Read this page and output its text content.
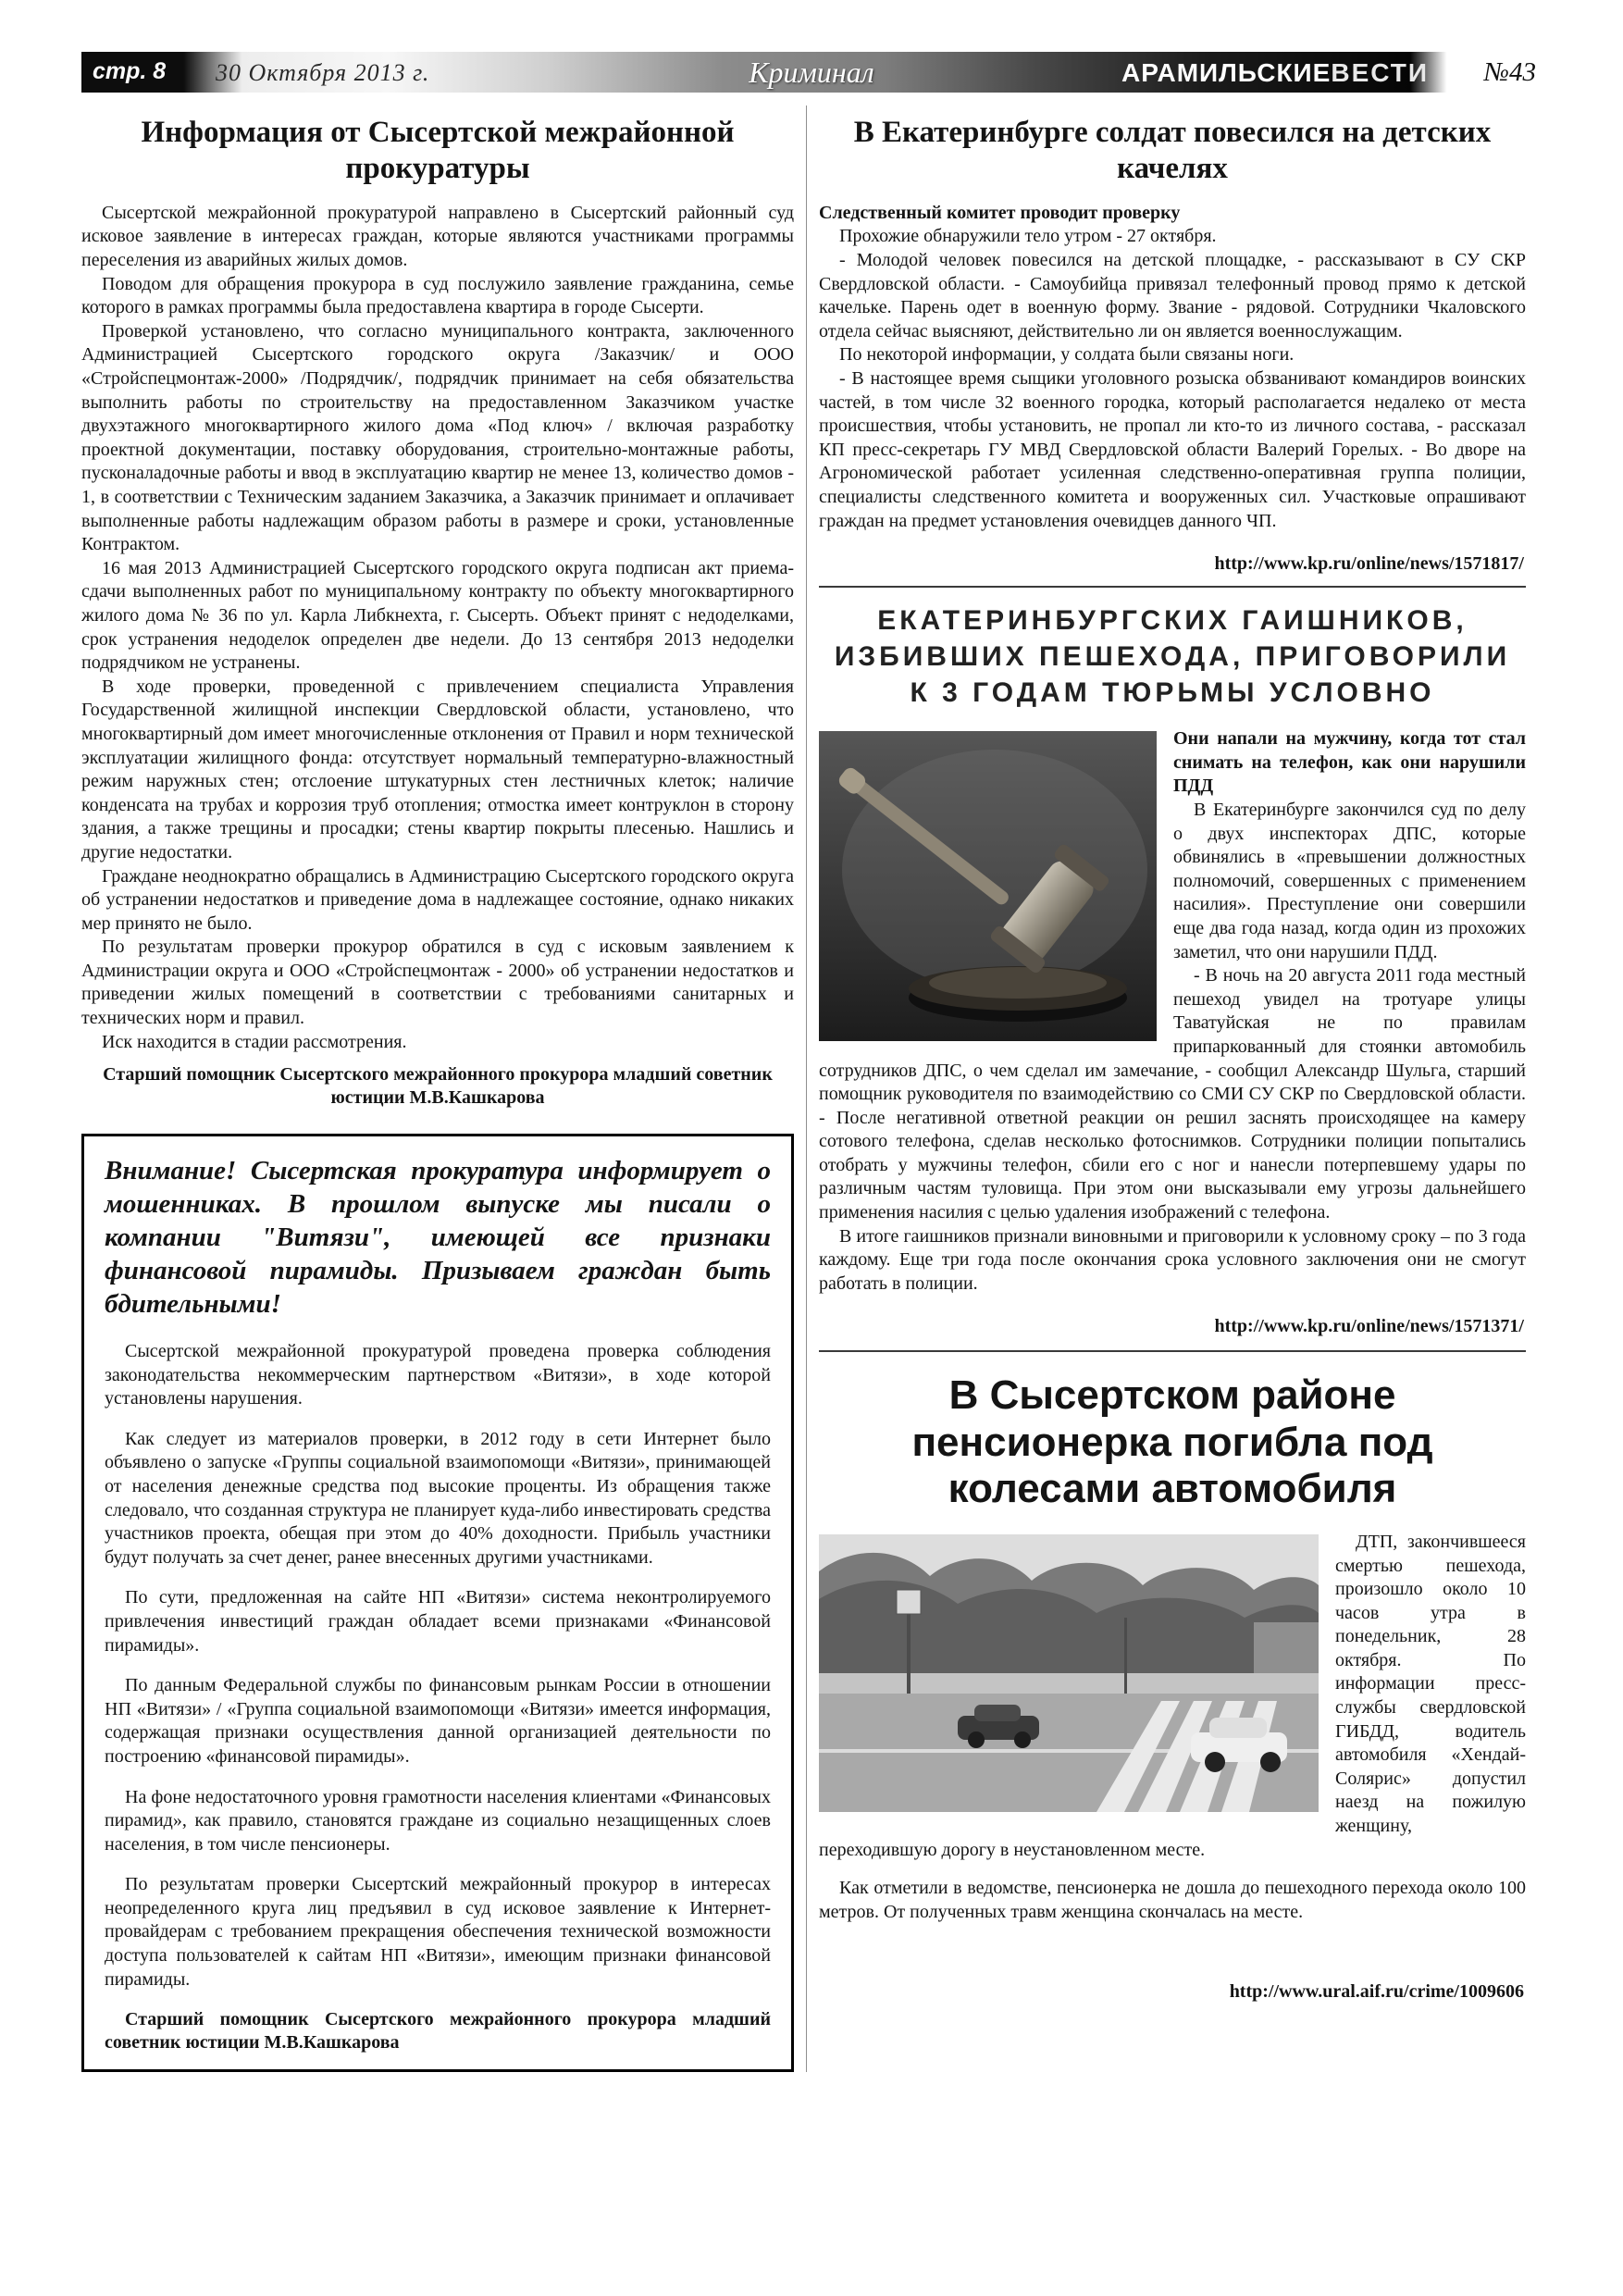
стр. 8 30 Октября 2013 г.	Криминал	АРАМИЛЬСКИЕВЕСТИ №43
Информация от Сысертской межрайонной прокуратуры

Сысертской межрайонной прокуратурой направлено в Сысертский районный суд исковое заявление в интересах граждан, которые являются участниками программы переселения из аварийных жилых домов.

Поводом для обращения прокурора в суд послужило заявление гражданина, семье которого в рамках программы была предоставлена квартира в городе Сысерти.

Проверкой установлено, что согласно муниципального контракта, заключенного Администрацией Сысертского городского округа /Заказчик/ и ООО «Стройспецмонтаж-2000» /Подрядчик/, подрядчик принимает на себя обязательства выполнить работы по строительству на предоставленном Заказчиком участке двухэтажного многоквартирного жилого дома «Под ключ» / включая разработку проектной документации, поставку оборудования, строительно-монтажные работы, пусконаладочные работы и ввод в эксплуатацию квартир не менее 13, количество домов - 1, в соответствии с Техническим заданием Заказчика, а Заказчик принимает и оплачивает выполненные работы надлежащим образом работы в размере и сроки, установленные Контрактом.

16 мая 2013 Администрацией Сысертского городского округа подписан акт приема-сдачи выполненных работ по муниципальному контракту по объекту многоквартирного жилого дома № 36 по ул. Карла Либкнехта, г. Сысерть. Объект принят с недоделками, срок устранения недоделок определен две недели. До 13 сентября 2013 недоделки подрядчиком не устранены.

В ходе проверки, проведенной с привлечением специалиста Управления Государственной жилищной инспекции Свердловской области, установлено, что многоквартирный дом имеет многочисленные отклонения от Правил и норм технической эксплуатации жилищного фонда: отсутствует нормальный температурно-влажностный режим наружных стен; отслоение штукатурных стен лестничных клеток; наличие конденсата на трубах и коррозия труб отопления; отмостка имеет контруклон в сторону здания, а также трещины и просадки; стены квартир покрыты плесенью. Нашлись и другие недостатки.

Граждане неоднократно обращались в Администрацию Сысертского городского округа об устранении недостатков и приведение дома в надлежащее состояние, однако никаких мер принято не было.

По результатам проверки прокурор обратился в суд с исковым заявлением к Администрации округа и ООО «Стройспецмонтаж - 2000» об устранении недостатков и приведении жилых помещений в соответствии с требованиями санитарных и технических норм и правил.

Иск находится в стадии рассмотрения.

Старший помощник Сысертского межрайонного прокурора младший советник юстиции М.В.Кашкарова

Внимание! Сысертская прокуратура информирует о мошенниках. В прошлом выпуске мы писали о компании "Витязи", имеющей все признаки финансовой пирамиды. Призываем граждан быть бдительными!

Сысертской межрайонной прокуратурой проведена проверка соблюдения законодательства некоммерческим партнерством «Витязи», в ходе которой установлены нарушения.

Как следует из материалов проверки, в 2012 году в сети Интернет было объявлено о запуске «Группы социальной взаимопомощи «Витязи», принимающей от населения денежные средства под высокие проценты. Из обращения также следовало, что созданная структура не планирует куда-либо инвестировать средства участников проекта, обещая при этом до 40% доходности. Прибыль участники будут получать за счет денег, ранее внесенных другими участниками.

По сути, предложенная на сайте НП «Витязи» система неконтролируемого привлечения инвестиций граждан обладает всеми признаками «Финансовой пирамиды».

По данным Федеральной службы по финансовым рынкам России в отношении НП «Витязи» / «Группа социальной взаимопомощи «Витязи» имеется информация, содержащая признаки осуществления данной организацией деятельности по построению «финансовой пирамиды».

На фоне недостаточного уровня грамотности населения клиентами «Финансовых пирамид», как правило, становятся граждане из социально незащищенных слоев населения, в том числе пенсионеры.

По результатам проверки Сысертский межрайонный прокурор в интересах неопределенного круга лиц предъявил в суд исковое заявление к Интернет-провайдерам с требованием прекращения обеспечения технической возможности доступа пользователей к сайтам НП «Витязи», имеющим признаки финансовой пирамиды.

Старший помощник Сысертского межрайонного прокурора младший советник юстиции М.В.Кашкарова

В Екатеринбурге солдат повесился на детских качелях

Следственный комитет проводит проверку

Прохожие обнаружили тело утром - 27 октября.

- Молодой человек повесился на детской площадке, - рассказывают в СУ СКР Свердловской области. - Самоубийца привязал телефонный провод прямо к детской качельке. Парень одет в военную форму. Звание - рядовой. Сотрудники Чкаловского отдела сейчас выясняют, действительно ли он является военнослужащим.

По некоторой информации, у солдата были связаны ноги.

- В настоящее время сыщики уголовного розыска обзванивают командиров воинских частей, в том числе 32 военного городка, который располагается недалеко от места происшествия, чтобы установить, не пропал ли кто-то из личного состава, - рассказал КП пресс-секретарь ГУ МВД Свердловской области Валерий Горелых. - Во дворе на Агрономической работает усиленная следственно-оперативная группа полиции, специалисты следственного комитета и вооруженных сил. Участковые опрашивают граждан на предмет установления очевидцев данного ЧП.

http://www.kp.ru/online/news/1571817/

ЕКАТЕРИНБУРГСКИХ ГАИШНИКОВ, ИЗБИВШИХ ПЕШЕХОДА, ПРИГОВОРИЛИ К 3 ГОДАМ ТЮРЬМЫ УСЛОВНО

Они напали на мужчину, когда тот стал снимать на телефон, как они нарушили ПДД

В Екатеринбурге закончился суд по делу о двух инспекторах ДПС, которые обвинялись в «превышении должностных полномочий, совершенных с применением насилия». Преступление они совершили еще два года назад, когда один из прохожих заметил, что они нарушили ПДД.

- В ночь на 20 августа 2011 года местный пешеход увидел на тротуаре улицы Таватуйская не по правилам припаркованный для стоянки автомобиль сотрудников ДПС, о чем сделал им замечание, - сообщил Александр Шульга, старший помощник руководителя по взаимодействию со СМИ СУ СКР по Свердловской области. - После негативной ответной реакции он решил заснять происходящее на камеру сотового телефона, сделав несколько фотоснимков. Сотрудники полиции попытались отобрать у мужчины телефон, сбили его с ног и нанесли потерпевшему удары по различным частям туловища. При этом они высказывали ему угрозы дальнейшего применения насилия с целью удаления изображений с телефона.

В итоге гаишников признали виновными и приговорили к условному сроку – по 3 года каждому. Еще три года после окончания срока условного заключения они не смогут работать в полиции.

http://www.kp.ru/online/news/1571371/

В Сысертском районе пенсионерка погибла под колесами автомобиля

ДТП, закончившееся смертью пешехода, произошло около 10 часов утра в понедельник, 28 октября. По информации пресс-службы свердловской ГИБДД, водитель автомобиля «Хендай-Солярис» допустил наезд на пожилую женщину, переходившую дорогу в неустановленном месте.

Как отметили в ведомстве, пенсионерка не дошла до пешеходного перехода около 100 метров. От полученных травм женщина скончалась на месте.

http://www.ural.aif.ru/crime/1009606
